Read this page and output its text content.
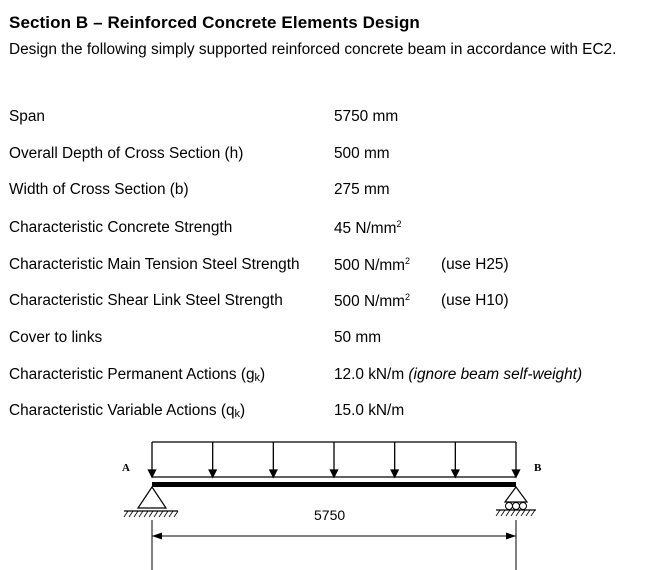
Section B – Reinforced Concrete Elements Design
Design the following simply supported reinforced concrete beam in accordance with EC2.
Span	5750 mm
Overall Depth of Cross Section (h)	500 mm
Width of Cross Section (b)	275 mm
Characteristic Concrete Strength	45 $N/mm^2$
Characteristic Main Tension Steel Strength 500 $N/mm^2$ (use H25)
Characteristic Shear Link Steel Strength	500 $N/mm^2$ (use H10)
Cover to links	50 mm
Characteristic Permanent Actions $(g_k)$	12.0 kN/m (ignore beam self-weight)
Characteristic Variable Actions $(q_k)$	15.0 kN/m
A	B
5750
